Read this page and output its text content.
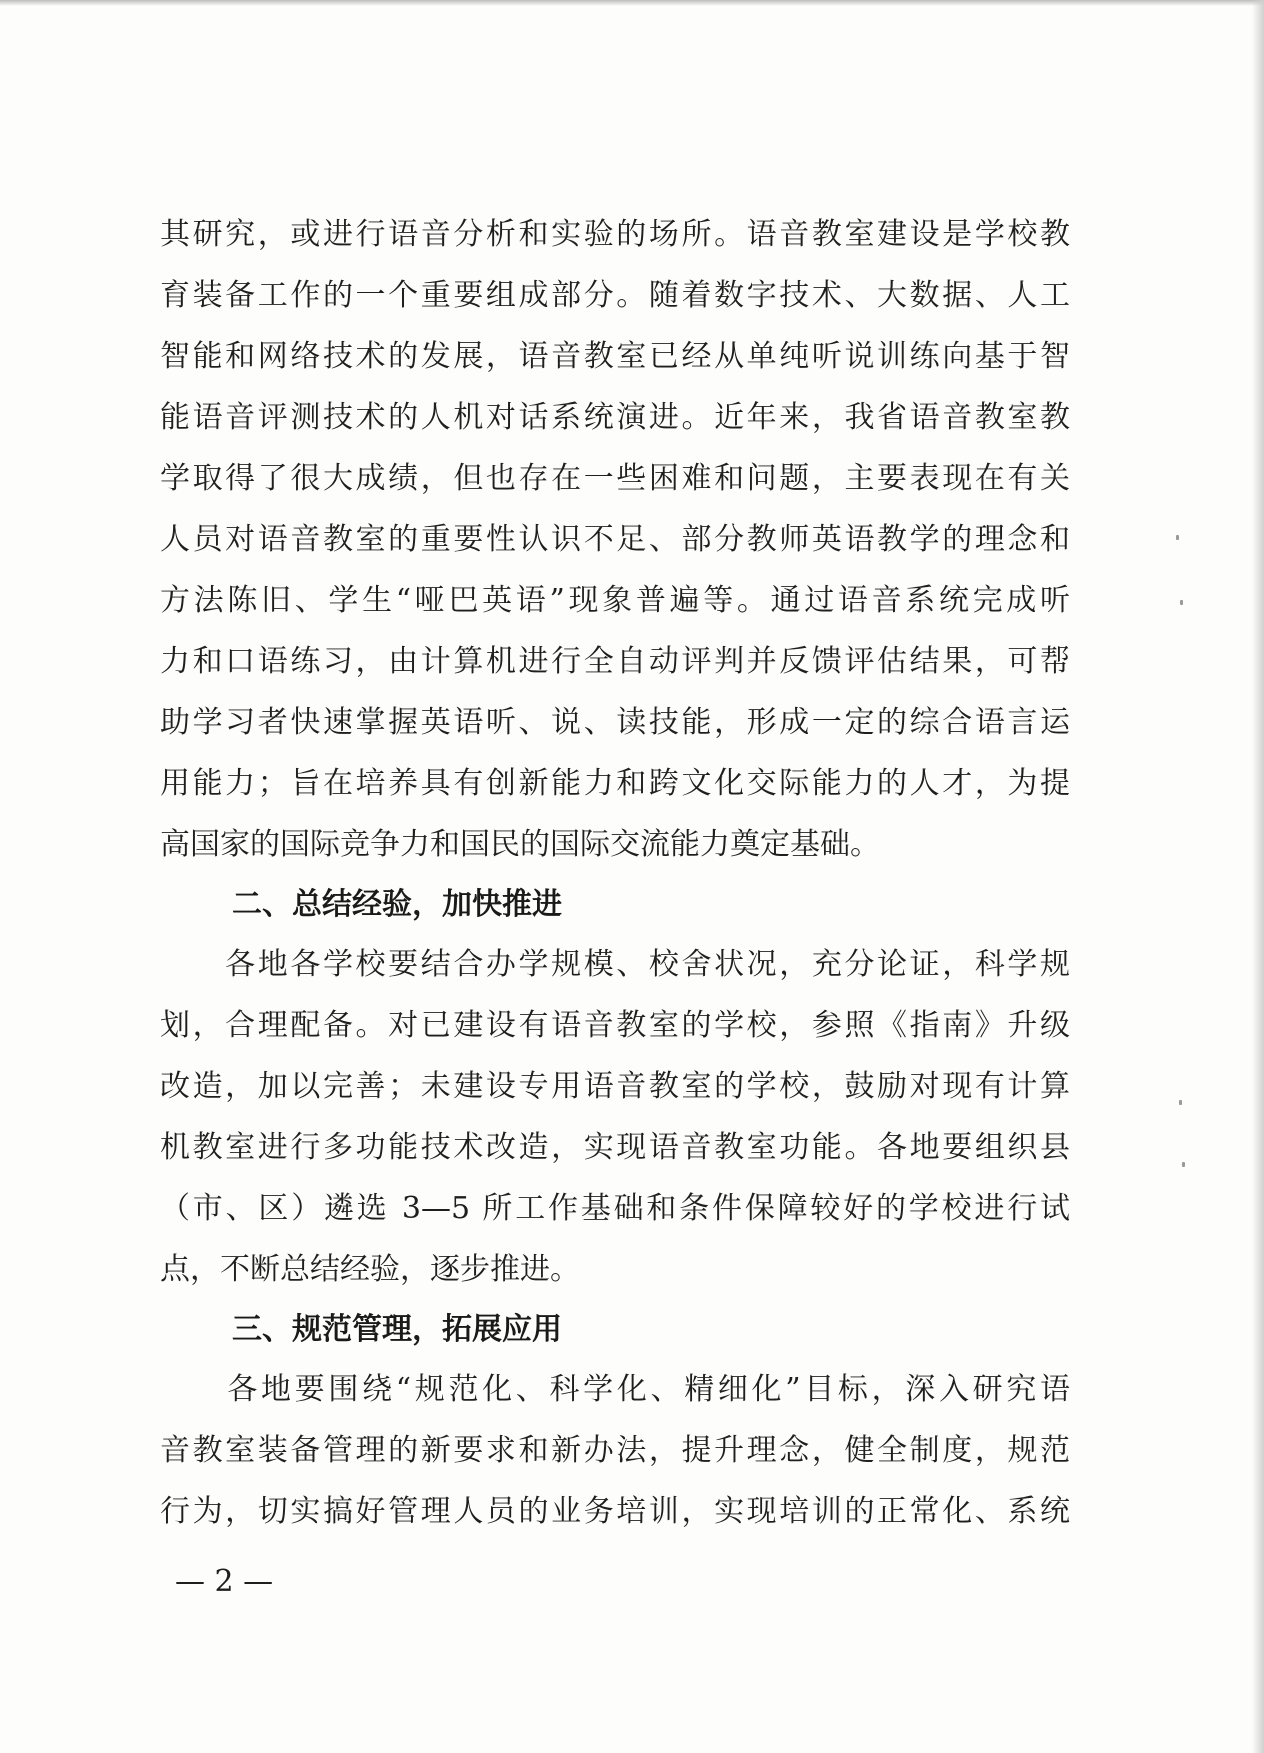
其研究，或进行语音分析和实验的场所。语音教室建设是学校教
育装备工作的一个重要组成部分。随着数字技术、大数据、人工
智能和网络技术的发展，语音教室已经从单纯听说训练向基于智
能语音评测技术的人机对话系统演进。近年来，我省语音教室教
学取得了很大成绩，但也存在一些困难和问题，主要表现在有关
人员对语音教室的重要性认识不足、部分教师英语教学的理念和
方法陈旧、学生“哑巴英语”现象普遍等。通过语音系统完成听
力和口语练习，由计算机进行全自动评判并反馈评估结果，可帮
助学习者快速掌握英语听、说、读技能，形成一定的综合语言运
用能力；旨在培养具有创新能力和跨文化交际能力的人才，为提
高国家的国际竞争力和国民的国际交流能力奠定基础。
二、总结经验，加快推进
　　各地各学校要结合办学规模、校舍状况，充分论证，科学规
划，合理配备。对已建设有语音教室的学校，参照《指南》升级
改造，加以完善；未建设专用语音教室的学校，鼓励对现有计算
机教室进行多功能技术改造，实现语音教室功能。各地要组织县
（市、区）遴选 3—5 所工作基础和条件保障较好的学校进行试
点，不断总结经验，逐步推进。
三、规范管理，拓展应用
　　各地要围绕“规范化、科学化、精细化”目标，深入研究语
音教室装备管理的新要求和新办法，提升理念，健全制度，规范
行为，切实搞好管理人员的业务培训，实现培训的正常化、系统
— 2 —
